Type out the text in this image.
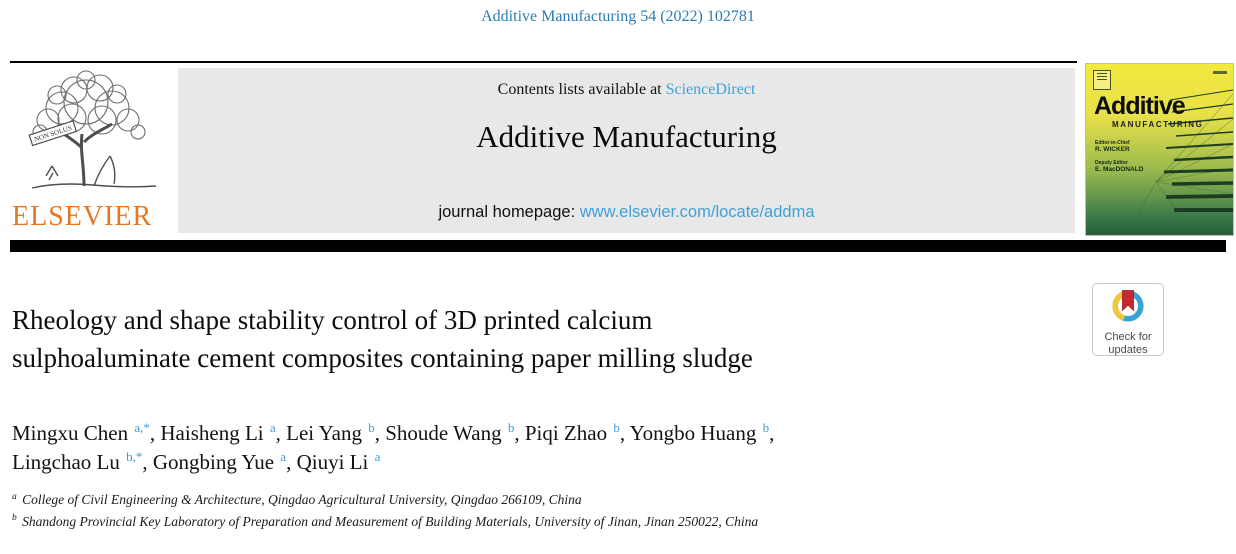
Additive Manufacturing 54 (2022) 102781
NON SOLUS
ELSEVIER
Contents lists available at ScienceDirect
Additive Manufacturing
journal homepage: www.elsevier.com/locate/addma
Additive
MANUFACTURING
Editor-in-Chief
R. WICKER
Deputy Editor
E. MacDONALD
Check for
updates
Rheology and shape stability control of 3D printed calcium
sulphoaluminate cement composites containing paper milling sludge
Mingxu Chen $^{a,*}$, Haisheng Li $^a$, Lei Yang $^b$, Shoude Wang $^b$, Piqi Zhao $^b$, Yongbo Huang $^b$,
Lingchao Lu $^{b,*}$, Gongbing Yue $^a$, Qiuyi Li $^a$
$^a$ College of Civil Engineering & Architecture, Qingdao Agricultural University, Qingdao 266109, China
$^b$ Shandong Provincial Key Laboratory of Preparation and Measurement of Building Materials, University of Jinan, Jinan 250022, China
